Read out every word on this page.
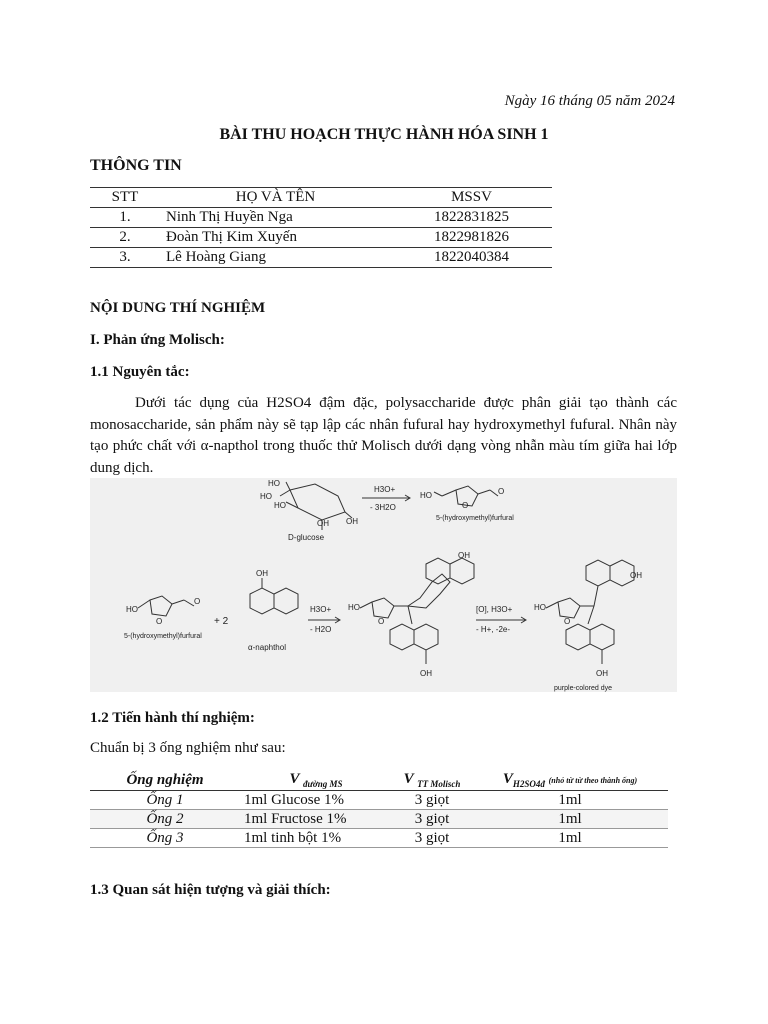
Ngày 16 tháng 05 năm 2024
BÀI THU HOẠCH THỰC HÀNH HÓA SINH 1
THÔNG TIN
STT	HỌ VÀ TÊN	MSSV
1.	Ninh Thị Huyền Nga	1822831825
2.	Đoàn Thị Kim Xuyến	1822981826
3.	Lê Hoàng Giang	1822040384
NỘI DUNG THÍ NGHIỆM
I. Phản ứng Molisch:
1.1 Nguyên tắc:
Dưới tác dụng của H2SO4 đậm đặc, polysaccharide được phân giải tạo thành các monosaccharide, sản phẩm này sẽ tạp lập các nhân fufural hay hydroxymethyl fufural. Nhân này tạo phức chất với α-napthol trong thuốc thử Molisch dưới dạng vòng nhẫn màu tím giữa hai lớp dung dịch.
HO
HO
HO
OH OH
D-glucose
H3O+
- 3H2O
HO	O
O
5-(hydroxymethyl)furfural
HO
O
O
5-(hydroxymethyl)furfural
+ 2
OH
α-naphthol
H3O+
- H2O
HO
O
OH
OH
[O], H3O+
- H+, -2e-
HO
O
OH
OH
purple-colored dye
1.2 Tiến hành thí nghiệm:
Chuẩn bị 3 ống nghiệm như sau:
Ống nghiệm	V $_{đường MS}$	V $_{TT Molisch}$	$V_{H2SO4đ}$ (nhỏ từ từ theo thành ống)
Ống 1	1ml Glucose 1%	3 giọt	1ml
Ống 2	1ml Fructose 1%	3 giọt	1ml
Ống 3	1ml tinh bột 1%	3 giọt	1ml
1.3 Quan sát hiện tượng và giải thích:
